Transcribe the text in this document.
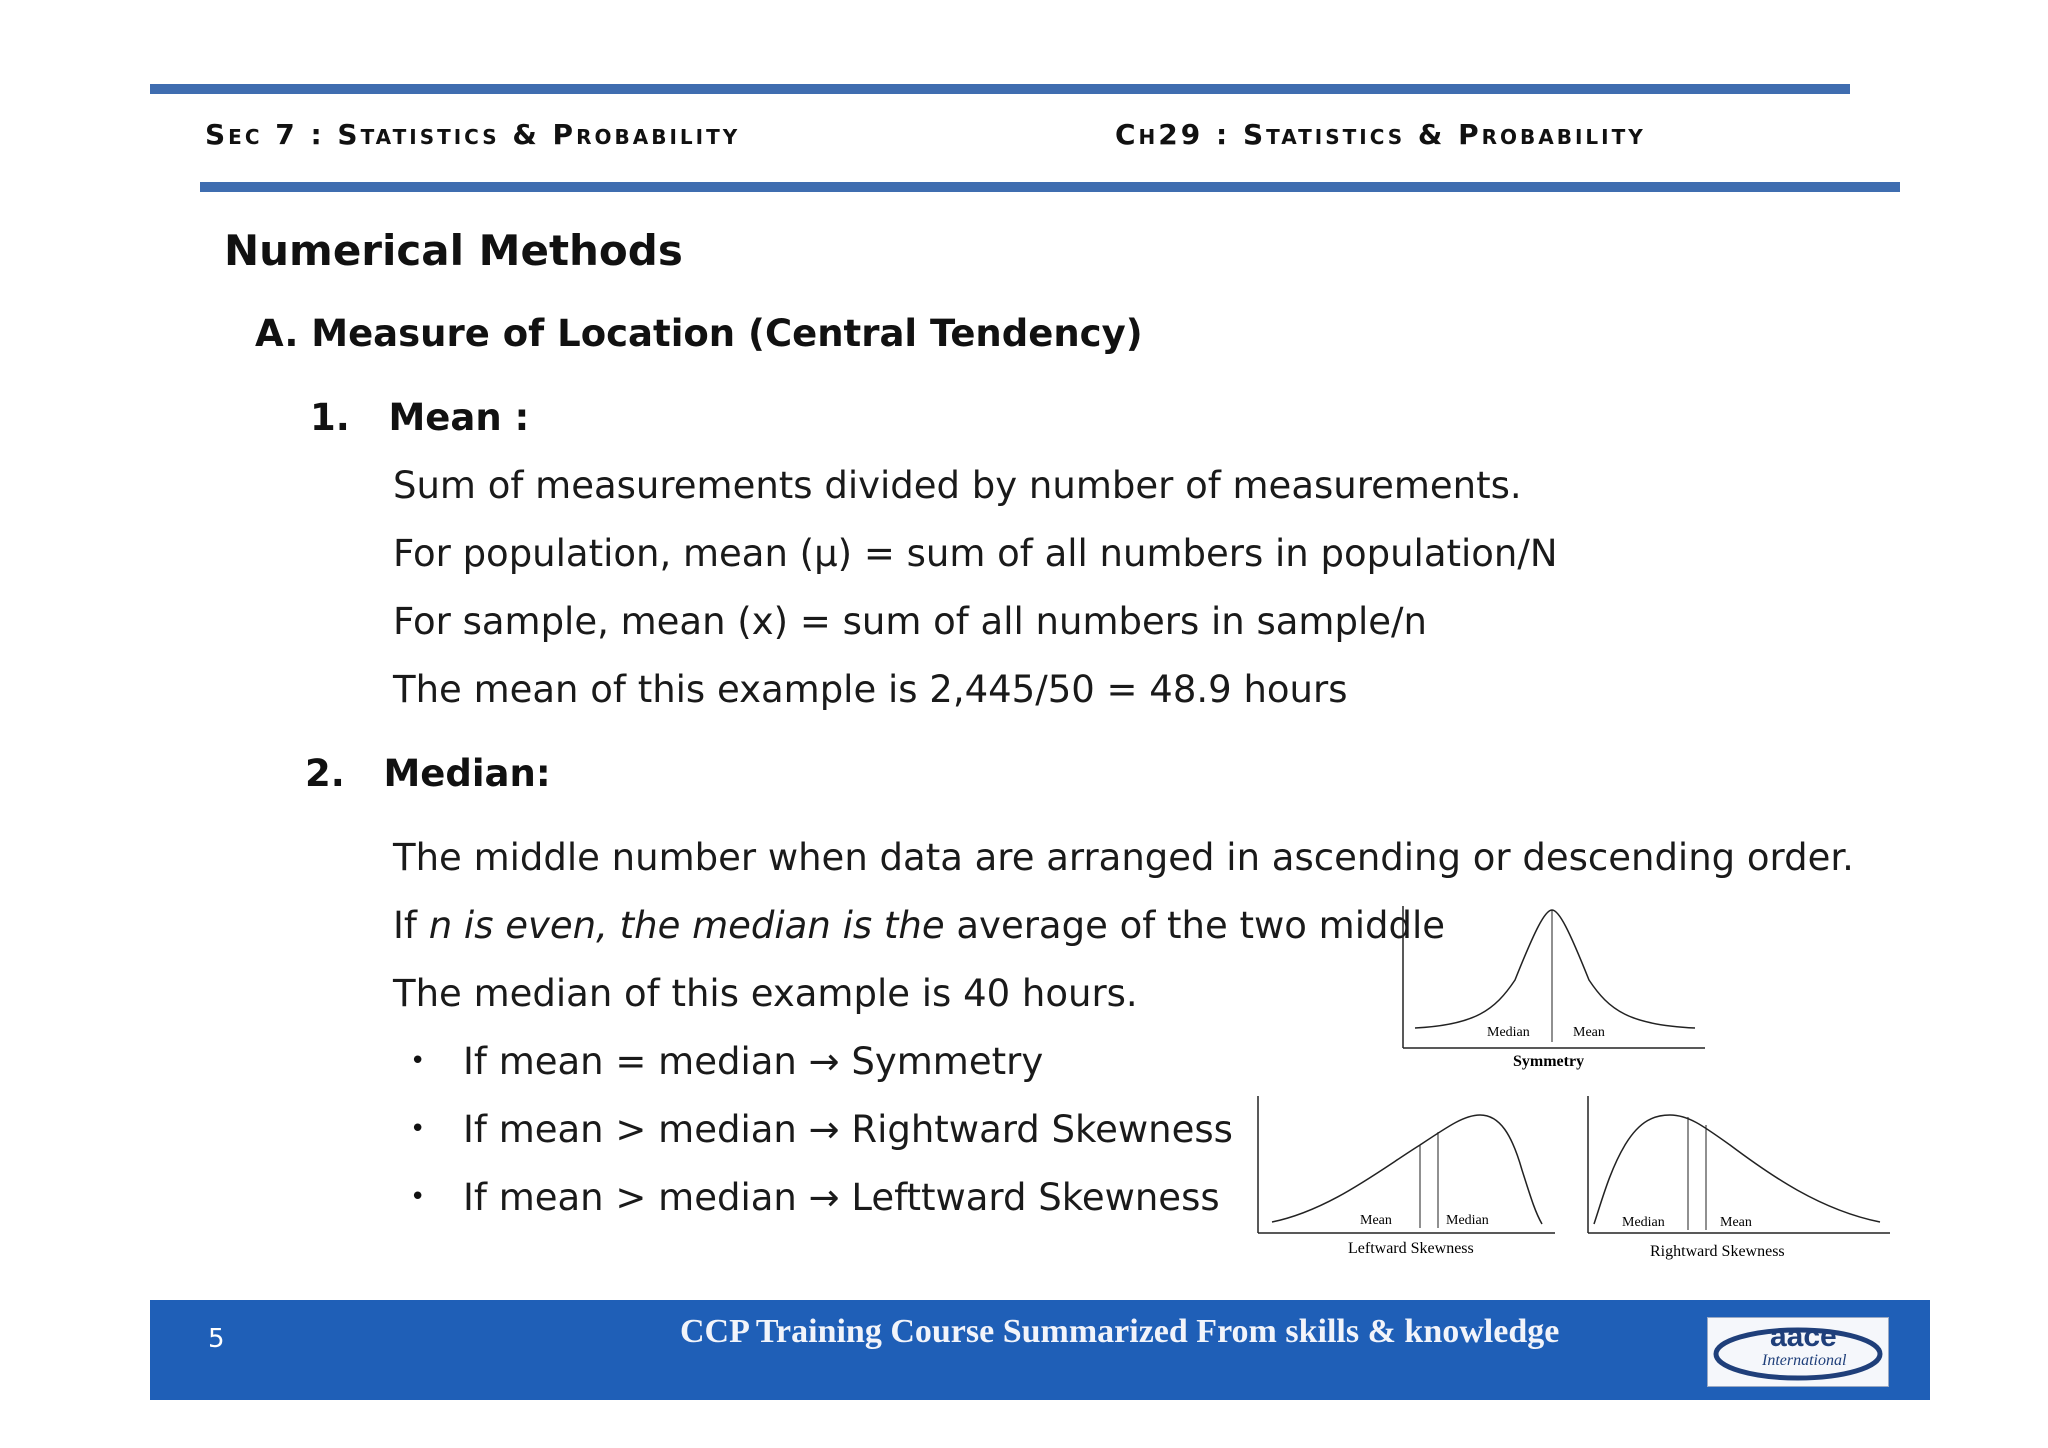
Sec 7 : Statistics & Probability	Ch29 : Statistics & Probability
Numerical Methods
A. Measure of Location (Central Tendency)
1.   Mean :
Sum of measurements divided by number of measurements.
For population, mean (μ) = sum of all numbers in population/N
For sample, mean (x) = sum of all numbers in sample/n
The mean of this example is 2,445/50 = 48.9 hours
2.   Median:
The middle number when data are arranged in ascending or descending order.
If n is even, the median is the average of the two middle
The median of this example is 40 hours.
• If mean = median → Symmetry
• If mean > median → Rightward Skewness
• If mean > median → Lefttward Skewness
Median	Mean
Symmetry
Mean	Median
Leftward Skewness
Median	Mean
Rightward Skewness
5	CCP Training Course Summarized From skills & knowledge	aace
International
